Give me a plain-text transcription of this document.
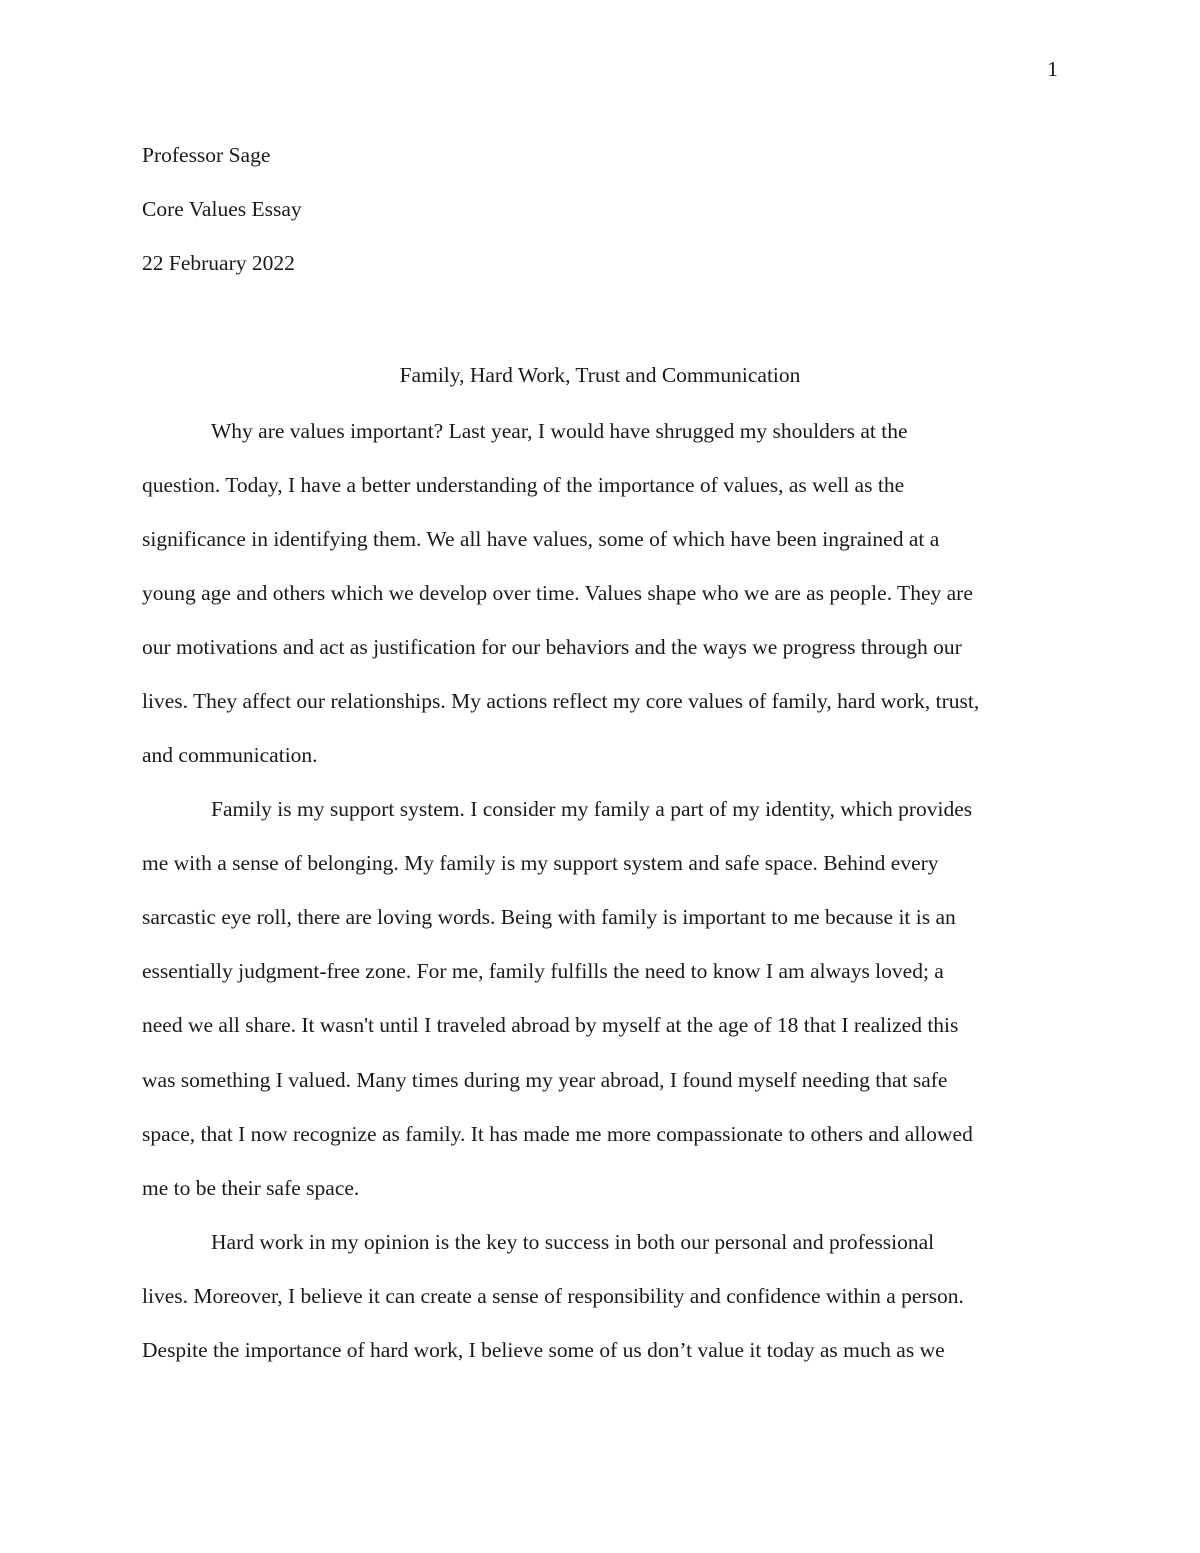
1
Professor Sage
Core Values Essay
22 February 2022
Family, Hard Work, Trust and Communication
Why are values important? Last year, I would have shrugged my shoulders at the
question. Today, I have a better understanding of the importance of values, as well as the
significance in identifying them. We all have values, some of which have been ingrained at a
young age and others which we develop over time. Values shape who we are as people. They are
our motivations and act as justification for our behaviors and the ways we progress through our
lives. They affect our relationships. My actions reflect my core values of family, hard work, trust,
and communication.
Family is my support system. I consider my family a part of my identity, which provides
me with a sense of belonging. My family is my support system and safe space. Behind every
sarcastic eye roll, there are loving words. Being with family is important to me because it is an
essentially judgment-free zone. For me, family fulfills the need to know I am always loved; a
need we all share. It wasn't until I traveled abroad by myself at the age of 18 that I realized this
was something I valued. Many times during my year abroad, I found myself needing that safe
space, that I now recognize as family. It has made me more compassionate to others and allowed
me to be their safe space.
Hard work in my opinion is the key to success in both our personal and professional
lives. Moreover, I believe it can create a sense of responsibility and confidence within a person.
Despite the importance of hard work, I believe some of us don’t value it today as much as we
